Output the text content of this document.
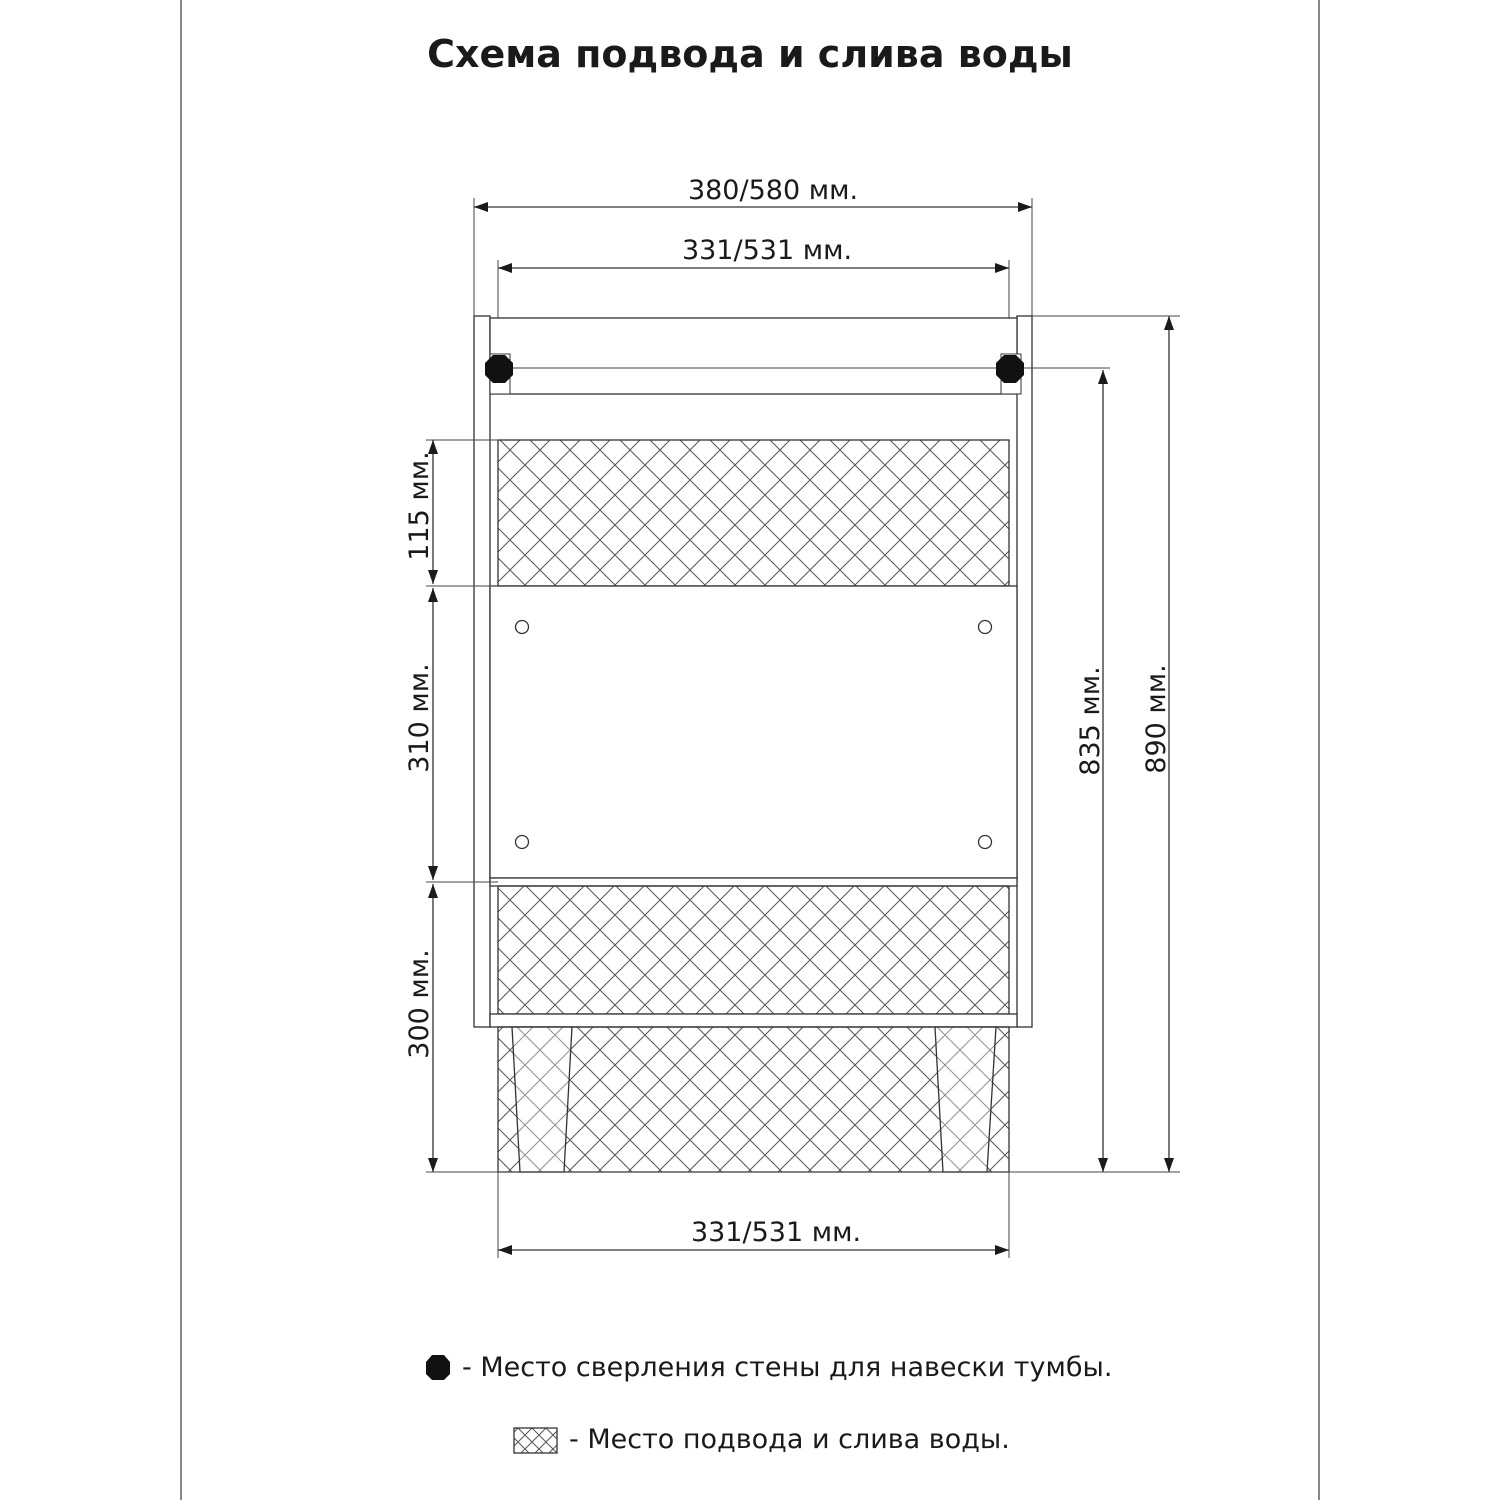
Схема подвода и слива воды
380/580 мм.
331/531 мм.
115 мм.
310 мм.
300 мм.
835 мм. 890 мм.
331/531 мм.
- Место сверления стены для навески тумбы.
- Место подвода и слива воды.
